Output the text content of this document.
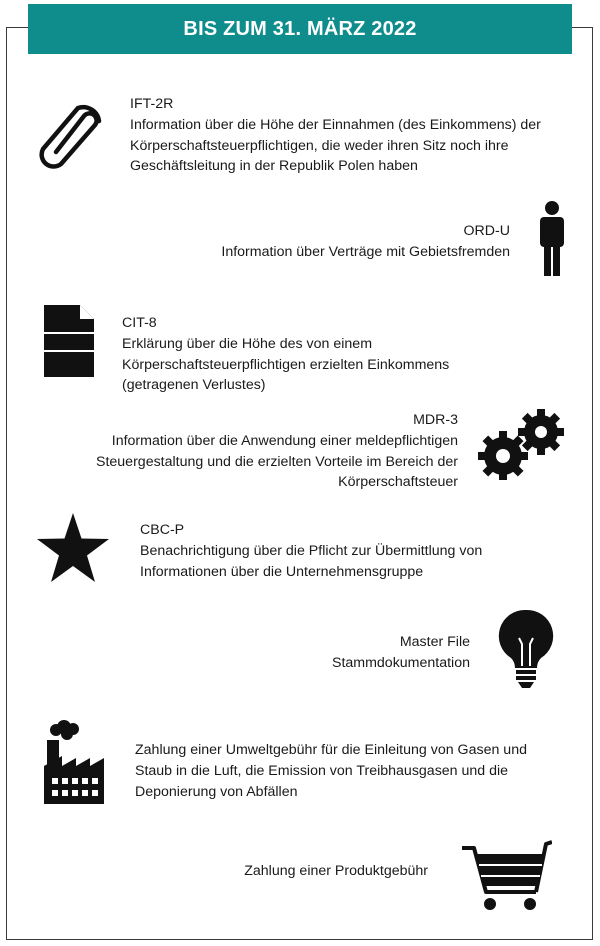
BIS ZUM 31. MÄRZ 2022
IFT-2R
Information über die Höhe der Einnahmen (des Einkommens) der Körperschaftsteuerpflichtigen, die weder ihren Sitz noch ihre Geschäftsleitung in der Republik Polen haben
ORD-U
Information über Verträge mit Gebietsfremden
CIT-8
Erklärung über die Höhe des von einem Körperschaftsteuerpflichtigen erzielten Einkommens (getragenen Verlustes)
MDR-3
Information über die Anwendung einer meldepflichtigen Steuergestaltung und die erzielten Vorteile im Bereich der Körperschaftsteuer
CBC-P
Benachrichtigung über die Pflicht zur Übermittlung von Informationen über die Unternehmensgruppe
Master File
Stammdokumentation
Zahlung einer Umweltgebühr für die Einleitung von Gasen und Staub in die Luft, die Emission von Treibhausgasen und die Deponierung von Abfällen
Zahlung einer Produktgebühr
